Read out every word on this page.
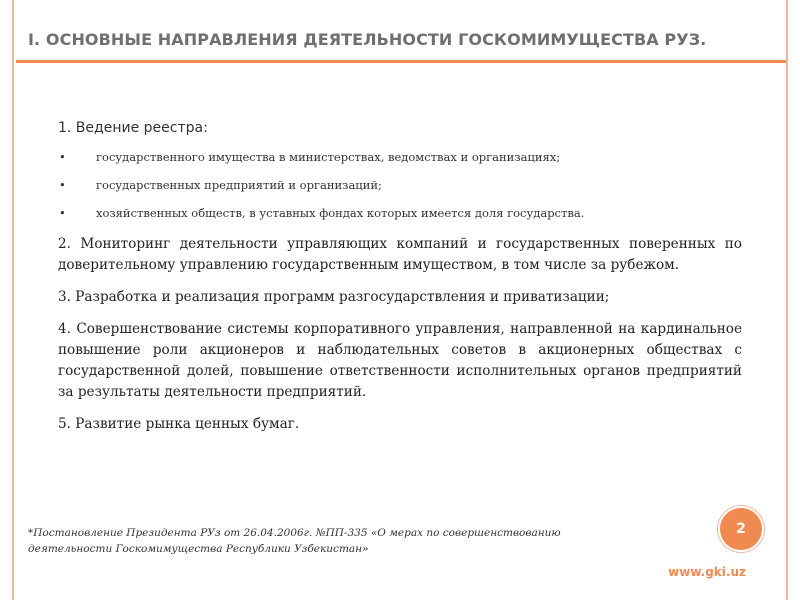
I. ОСНОВНЫЕ НАПРАВЛЕНИЯ ДЕЯТЕЛЬНОСТИ ГОСКОМИМУЩЕСТВА РУЗ.
1. Ведение реестра:
•	государственного имущества в министерствах, ведомствах и организациях;
•	государственных предприятий и организаций;
•	хозяйственных обществ, в уставных фондах которых имеется доля государства.

2. Мониторинг деятельности управляющих компаний и государственных поверенных по доверительному управлению государственным имуществом, в том числе за рубежом.

3. Разработка и реализация программ разгосударствления и приватизации;

4. Совершенствование системы корпоративного управления, направленной на кардинальное повышение роли акционеров и наблюдательных советов в акционерных обществах с государственной долей, повышение ответственности исполнительных органов предприятий за результаты деятельности предприятий.

5. Развитие рынка ценных бумаг.

*Постановление Президента РУз от 26.04.2006г. №ПП-335 «О мерах по совершенствованию деятельности Госкомимущества Республики Узбекистан»
2
www.gki.uz
